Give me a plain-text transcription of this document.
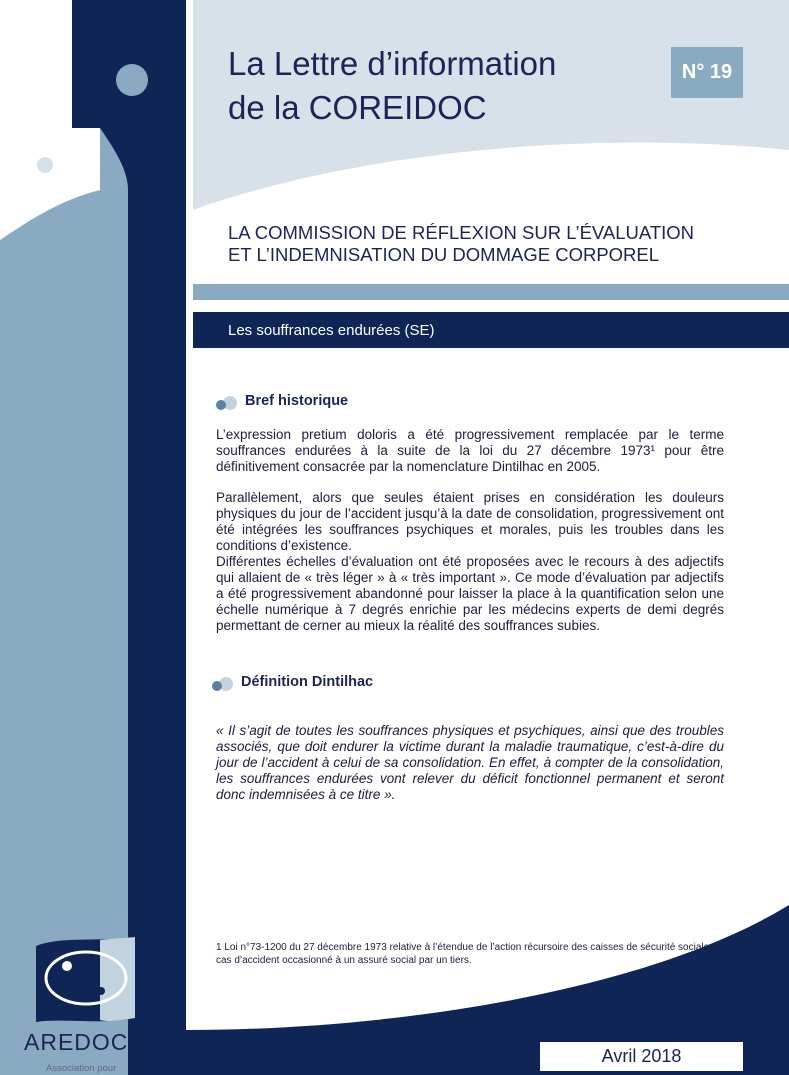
La Lettre d’information
de la COREIDOC
N° 19
LA COMMISSION DE RÉFLEXION SUR L’ÉVALUATION
ET L’INDEMNISATION DU DOMMAGE CORPOREL
Les souffrances endurées (SE)
Bref historique

L’expression pretium doloris a été progressivement remplacée par le terme souffrances endurées à la suite de la loi du 27 décembre 1973¹ pour être définitivement consacrée par la nomenclature Dintilhac en 2005.

Parallèlement, alors que seules étaient prises en considération les douleurs physiques du jour de l’accident jusqu’à la date de consolidation, progressivement ont été intégrées les souffrances psychiques et morales, puis les troubles dans les conditions d’existence.

Différentes échelles d’évaluation ont été proposées avec le recours à des adjectifs qui allaient de « très léger » à « très important ». Ce mode d’évaluation par adjectifs a été progressivement abandonné pour laisser la place à la quantification selon une échelle numérique à 7 degrés enrichie par les médecins experts de demi degrés permettant de cerner au mieux la réalité des souffrances subies.

Définition Dintilhac

« Il s’agit de toutes les souffrances physiques et psychiques, ainsi que des troubles associés, que doit endurer la victime durant la maladie traumatique, c’est-à-dire du jour de l’accident à celui de sa consolidation. En effet, à compter de la consolidation, les souffrances endurées vont relever du déficit fonctionnel permanent et seront donc indemnisées à ce titre ».

1 Loi n°73-1200 du 27 décembre 1973 relative à l’étendue de l’action récursoire des caisses de sécurité sociale en cas d’accident occasionné à un assuré social par un tiers.
AREDOC
Association pour
Avril 2018
